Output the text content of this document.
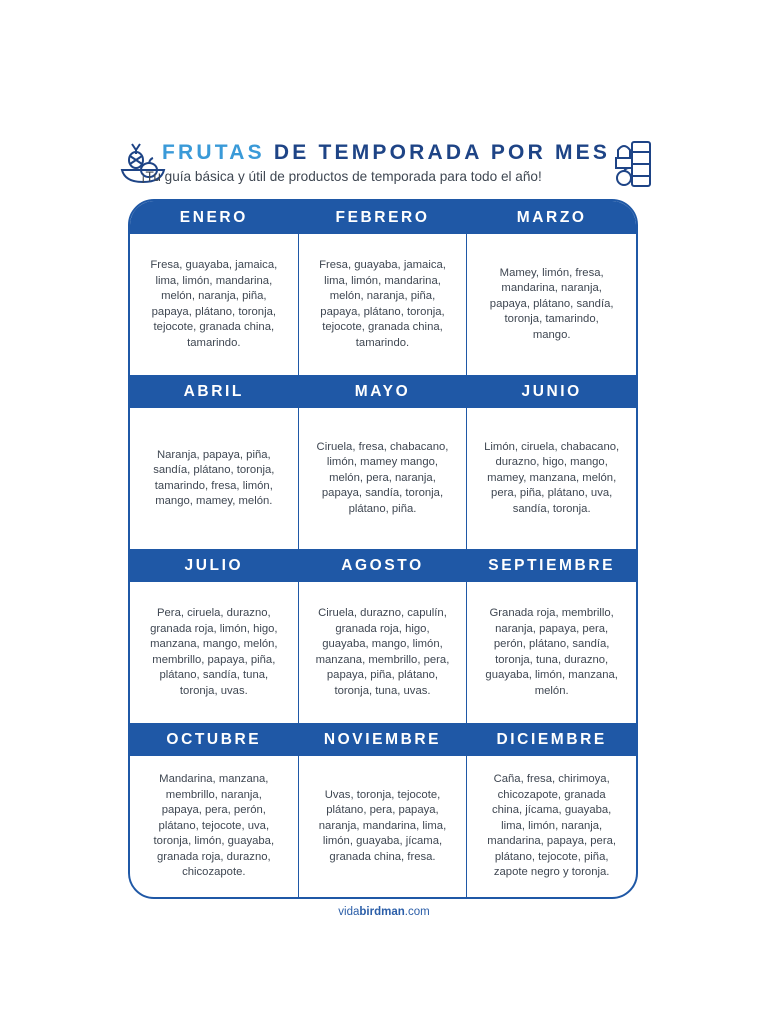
FRUTAS DE TEMPORADA POR MES
¡Tu guía básica y útil de productos de temporada para todo el año!
ENERO

Fresa, guayaba, jamaica,
lima, limón, mandarina,
melón, naranja, piña,
papaya, plátano, toronja,
tejocote, granada china,
tamarindo.

FEBRERO

Fresa, guayaba, jamaica,
lima, limón, mandarina,
melón, naranja, piña,
papaya, plátano, toronja,
tejocote, granada china,
tamarindo.

MARZO

Mamey, limón, fresa,
mandarina, naranja,
papaya, plátano, sandía,
toronja, tamarindo,
mango.

ABRIL

Naranja, papaya, piña,
sandía, plátano, toronja,
tamarindo, fresa, limón,
mango, mamey, melón.

MAYO

Ciruela, fresa, chabacano,
limón, mamey mango,
melón, pera, naranja,
papaya, sandía, toronja,
plátano, piña.

JUNIO

Limón, ciruela, chabacano,
durazno, higo, mango,
mamey, manzana, melón,
pera, piña, plátano, uva,
sandía, toronja.

JULIO

Pera, ciruela, durazno,
granada roja, limón, higo,
manzana, mango, melón,
membrillo, papaya, piña,
plátano, sandía, tuna,
toronja, uvas.

AGOSTO

Ciruela, durazno, capulín,
granada roja, higo,
guayaba, mango, limón,
manzana, membrillo, pera,
papaya, piña, plátano,
toronja, tuna, uvas.

SEPTIEMBRE

Granada roja, membrillo,
naranja, papaya, pera,
perón, plátano, sandía,
toronja, tuna, durazno,
guayaba, limón, manzana,
melón.

OCTUBRE

Mandarina, manzana,
membrillo, naranja,
papaya, pera, perón,
plátano, tejocote, uva,
toronja, limón, guayaba,
granada roja, durazno,
chicozapote.

NOVIEMBRE

Uvas, toronja, tejocote,
plátano, pera, papaya,
naranja, mandarina, lima,
limón, guayaba, jícama,
granada china, fresa.

DICIEMBRE

Caña, fresa, chirimoya,
chicozapote, granada
china, jícama, guayaba,
lima, limón, naranja,
mandarina, papaya, pera,
plátano, tejocote, piña,
zapote negro y toronja.

vidabirdman.com
